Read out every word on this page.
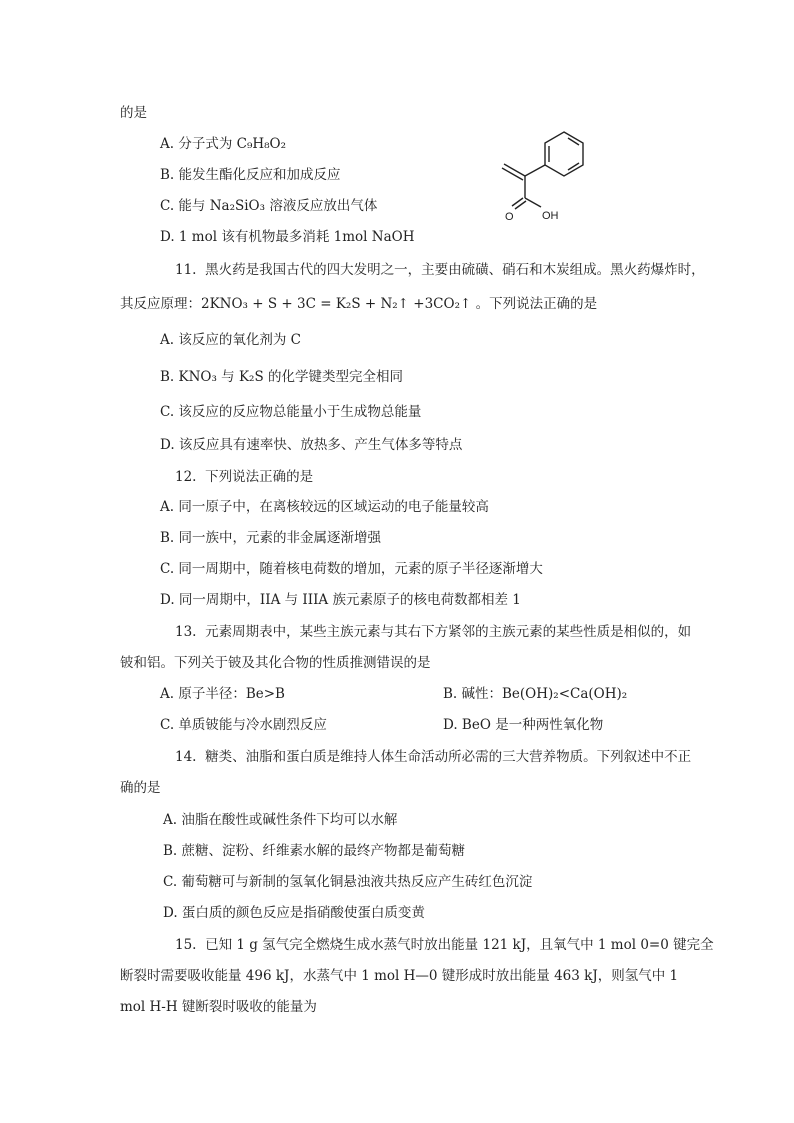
的是
A. 分子式为 C₉H₈O₂
B. 能发生酯化反应和加成反应
C. 能与 Na₂SiO₃ 溶液反应放出气体
D. 1 mol 该有机物最多消耗 1mol NaOH
O	OH
11. 黑火药是我国古代的四大发明之一，主要由硫磺、硝石和木炭组成。黑火药爆炸时，
其反应原理：2KNO₃ + S + 3C = K₂S + N₂↑ +3CO₂↑ 。下列说法正确的是
A. 该反应的氧化剂为 C
B. KNO₃ 与 K₂S 的化学键类型完全相同
C. 该反应的反应物总能量小于生成物总能量
D. 该反应具有速率快、放热多、产生气体多等特点
12. 下列说法正确的是
A. 同一原子中，在离核较远的区域运动的电子能量较高
B. 同一族中，元素的非金属逐渐增强
C. 同一周期中，随着核电荷数的增加，元素的原子半径逐渐增大
D. 同一周期中，IIA 与 IIIA 族元素原子的核电荷数都相差 1
13. 元素周期表中，某些主族元素与其右下方紧邻的主族元素的某些性质是相似的，如
铍和铝。下列关于铍及其化合物的性质推测错误的是
A. 原子半径：Be>B	B. 碱性：Be(OH)₂<Ca(OH)₂
C. 单质铍能与冷水剧烈反应	D. BeO 是一种两性氧化物
14. 糖类、油脂和蛋白质是维持人体生命活动所必需的三大营养物质。下列叙述中不正
确的是
A. 油脂在酸性或碱性条件下均可以水解
B. 蔗糖、淀粉、纤维素水解的最终产物都是葡萄糖
C. 葡萄糖可与新制的氢氧化铜悬浊液共热反应产生砖红色沉淀
D. 蛋白质的颜色反应是指硝酸使蛋白质变黄
15. 已知 1 g 氢气完全燃烧生成水蒸气时放出能量 121 kJ，且氧气中 1 mol 0=0 键完全
断裂时需要吸收能量 496 kJ，水蒸气中 1 mol H—0 键形成时放出能量 463 kJ，则氢气中 1
mol H-H 键断裂时吸收的能量为
